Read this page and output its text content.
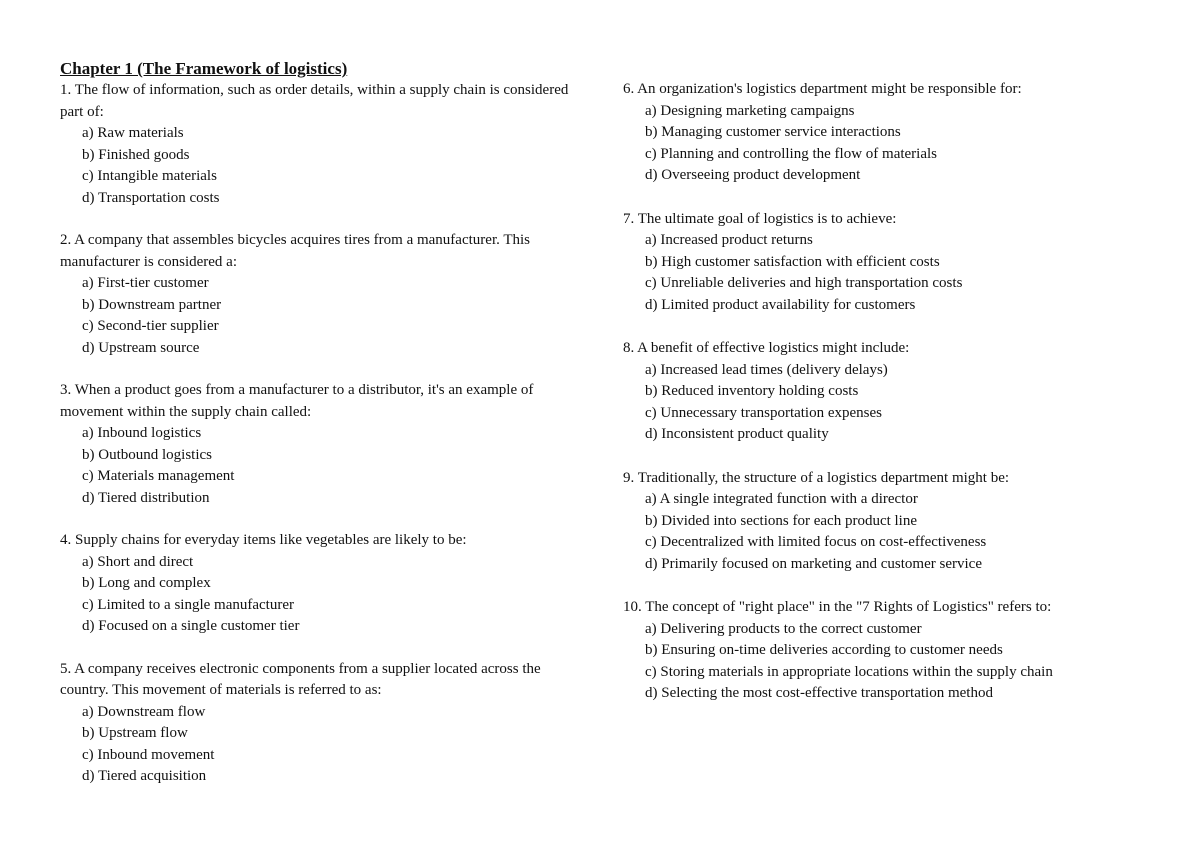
Chapter 1 (The Framework of logistics)

1. The flow of information, such as order details, within a supply chain is considered part of:

a) Raw materials
b) Finished goods
c) Intangible materials
d) Transportation costs

2. A company that assembles bicycles acquires tires from a manufacturer. This manufacturer is considered a:

a) First-tier customer
b) Downstream partner
c) Second-tier supplier
d) Upstream source

3. When a product goes from a manufacturer to a distributor, it's an example of movement within the supply chain called:

a) Inbound logistics
b) Outbound logistics
c) Materials management
d) Tiered distribution

4. Supply chains for everyday items like vegetables are likely to be:

a) Short and direct
b) Long and complex
c) Limited to a single manufacturer
d) Focused on a single customer tier

5. A company receives electronic components from a supplier located across the country. This movement of materials is referred to as:

a) Downstream flow
b) Upstream flow
c) Inbound movement
d) Tiered acquisition

6. An organization's logistics department might be responsible for:

a) Designing marketing campaigns
b) Managing customer service interactions
c) Planning and controlling the flow of materials
d) Overseeing product development

7. The ultimate goal of logistics is to achieve:

a) Increased product returns
b) High customer satisfaction with efficient costs
c) Unreliable deliveries and high transportation costs
d) Limited product availability for customers

8. A benefit of effective logistics might include:

a) Increased lead times (delivery delays)
b) Reduced inventory holding costs
c) Unnecessary transportation expenses
d) Inconsistent product quality

9. Traditionally, the structure of a logistics department might be:

a) A single integrated function with a director
b) Divided into sections for each product line
c) Decentralized with limited focus on cost-effectiveness
d) Primarily focused on marketing and customer service

10. The concept of "right place" in the "7 Rights of Logistics" refers to:

a) Delivering products to the correct customer
b) Ensuring on-time deliveries according to customer needs
c) Storing materials in appropriate locations within the supply chain
d) Selecting the most cost-effective transportation method
